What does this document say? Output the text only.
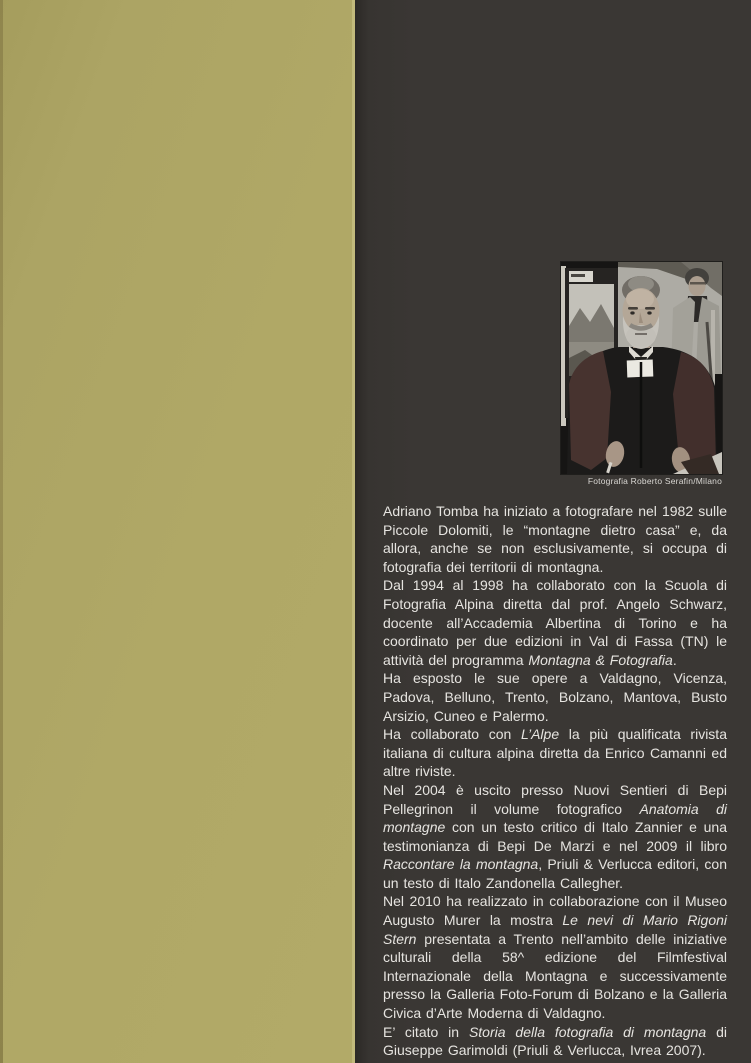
Fotografia Roberto Serafin/Milano

Adriano Tomba ha iniziato a fotografare nel 1982 sulle Piccole Dolomiti, le “montagne dietro casa” e, da allora, anche se non esclusivamente, si occupa di fotografia dei territorii di montagna.

Dal 1994 al 1998 ha collaborato con la Scuola di Fotografia Alpina diretta dal prof. Angelo Schwarz, docente all’Accademia Albertina di Torino e ha coordinato per due edizioni in Val di Fassa (TN) le attività del programma Montagna & Fotografia.

Ha esposto le sue opere a Valdagno, Vicenza, Padova, Belluno, Trento, Bolzano, Mantova, Busto Arsizio, Cuneo e Palermo.

Ha collaborato con L’Alpe la più qualificata rivista italiana di cultura alpina diretta da Enrico Camanni ed altre riviste.

Nel 2004 è uscito presso Nuovi Sentieri di Bepi Pellegrinon il volume fotografico Anatomia di montagne con un testo critico di Italo Zannier e una testimonianza di Bepi De Marzi e nel 2009 il libro Raccontare la montagna, Priuli & Verlucca editori, con un testo di Italo Zandonella Callegher.

Nel 2010 ha realizzato in collaborazione con il Museo Augusto Murer la mostra Le nevi di Mario Rigoni Stern presentata a Trento nell’ambito delle iniziative culturali della 58^ edizione del Filmfestival Internazionale della Montagna e successivamente presso la Galleria Foto-Forum di Bolzano e la Galleria Civica d’Arte Moderna di Valdagno.

E’ citato in Storia della fotografia di montagna di Giuseppe Garimoldi (Priuli & Verlucca, Ivrea 2007).
